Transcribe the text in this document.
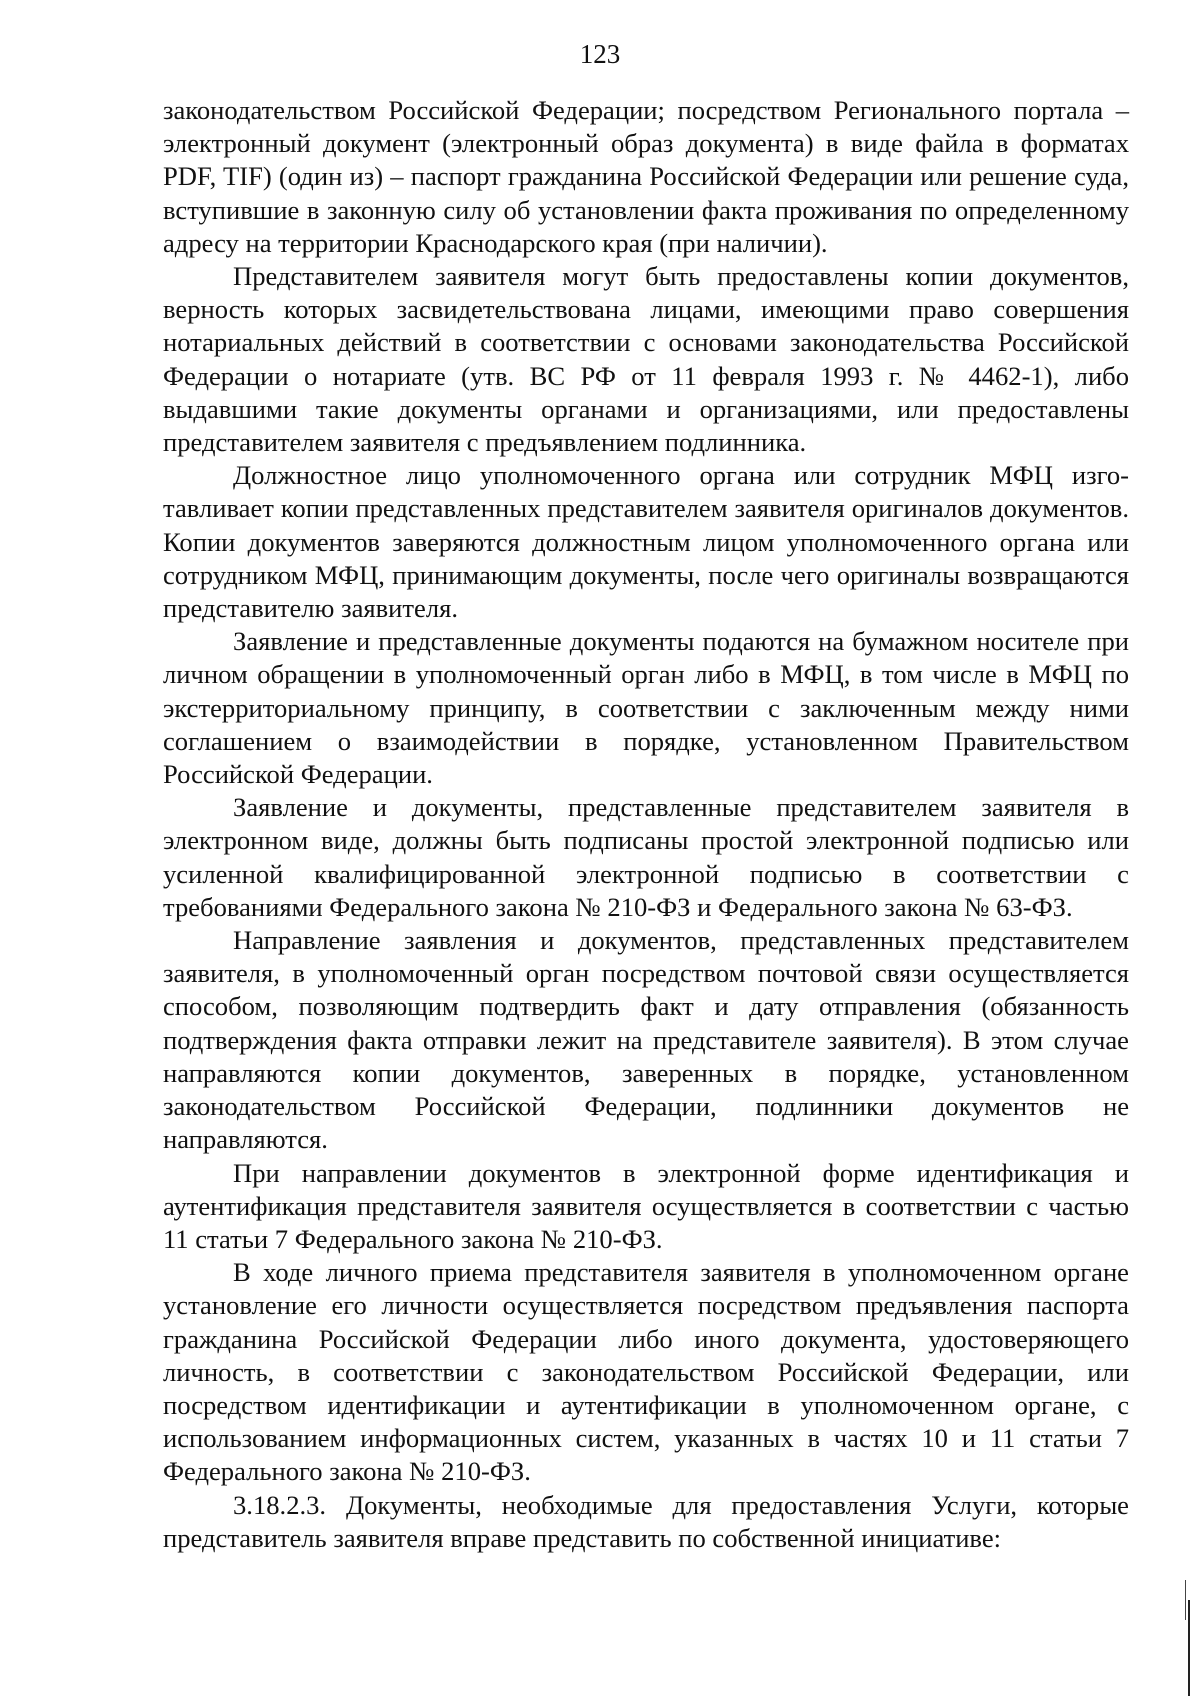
123

законодательством Российской Федерации; посредством Регионального портала – электронный документ (электронный образ документа) в виде файла в форматах PDF, TIF) (один из) – паспорт гражданина Российской Федерации или решение суда, вступившие в законную силу об установлении факта проживания по определенному адресу на территории Краснодарского края (при наличии).

Представителем заявителя могут быть предоставлены копии документов, верность которых засвидетельствована лицами, имеющими право совершения нотариальных действий в соответствии с основами законодательства Российской Федерации о нотариате (утв. ВС РФ от 11 февраля 1993 г. № 4462-1), либо выдавшими такие документы органами и организациями, или предоставлены представителем заявителя с предъявлением подлинника.

Должностное лицо уполномоченного органа или сотрудник МФЦ изготавливает копии представленных представителем заявителя оригиналов документов. Копии документов заверяются должностным лицом уполномоченного органа или сотрудником МФЦ, принимающим документы, после чего оригиналы возвращаются представителю заявителя.

Заявление и представленные документы подаются на бумажном носителе при личном обращении в уполномоченный орган либо в МФЦ, в том числе в МФЦ по экстерриториальному принципу, в соответствии с заключенным между ними соглашением о взаимодействии в порядке, установленном Правительством Российской Федерации.

Заявление и документы, представленные представителем заявителя в электронном виде, должны быть подписаны простой электронной подписью или усиленной квалифицированной электронной подписью в соответствии с требованиями Федерального закона № 210-ФЗ и Федерального закона № 63-ФЗ.

Направление заявления и документов, представленных представителем заявителя, в уполномоченный орган посредством почтовой связи осуществляется способом, позволяющим подтвердить факт и дату отправления (обязанность подтверждения факта отправки лежит на представителе заявителя). В этом случае направляются копии документов, заверенных в порядке, установленном законодательством Российской Федерации, подлинники документов не направляются.

При направлении документов в электронной форме идентификация и аутентификация представителя заявителя осуществляется в соответствии с частью 11 статьи 7 Федерального закона № 210-ФЗ.

В ходе личного приема представителя заявителя в уполномоченном органе установление его личности осуществляется посредством предъявления паспорта гражданина Российской Федерации либо иного документа, удостоверяющего личность, в соответствии с законодательством Российской Федерации, или посредством идентификации и аутентификации в уполномоченном органе, с использованием информационных систем, указанных в частях 10 и 11 статьи 7 Федерального закона № 210-ФЗ.

3.18.2.3. Документы, необходимые для предоставления Услуги, которые представитель заявителя вправе представить по собственной инициативе:
